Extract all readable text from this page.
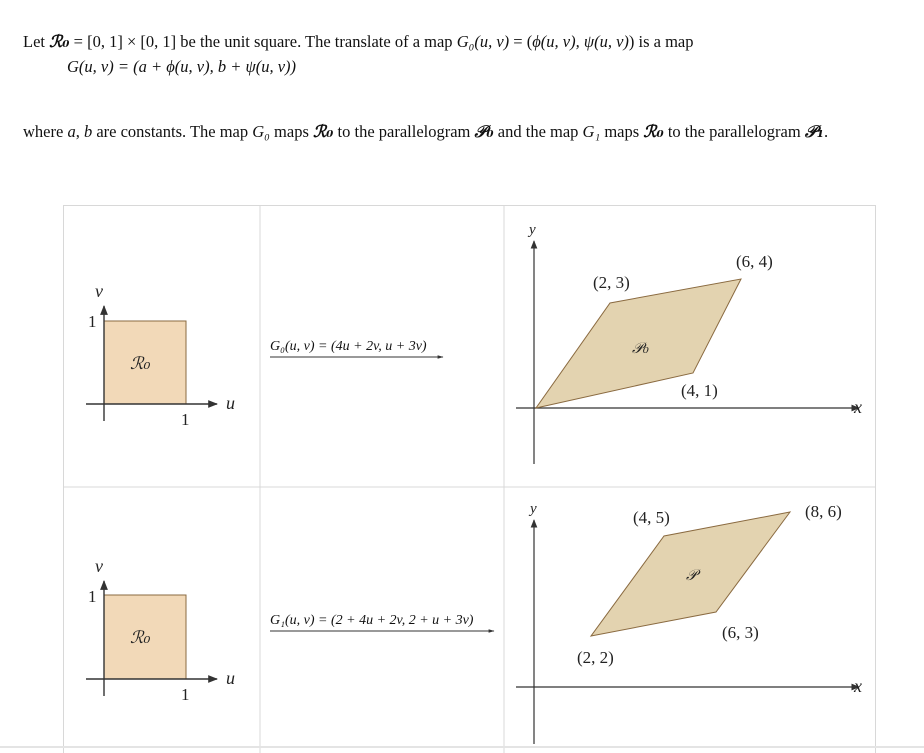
Let ℛ₀ = [0, 1] × [0, 1] be the unit square. The translate of a map G₀(u, v) = (ϕ(u, v), ψ(u, v)) is a map

G(u, v) = (a + ϕ(u, v), b + ψ(u, v))

where a, b are constants. The map G₀ maps ℛ₀ to the parallelogram 𝒫₀ and the map G₁ maps ℛ₀ to the parallelogram 𝒫₁.

v
1
1
u
ℛ₀
G₀(u, v) = (4u + 2v, u + 3v)
y
x
(2, 3)
(6, 4)
(4, 1)
𝒫₀
v
1
1
u
ℛ₀
G₁(u, v) = (2 + 4u + 2v, 2 + u + 3v)
y
x
(4, 5)	(8, 6)
(6, 3)
(2, 2)
𝒫
